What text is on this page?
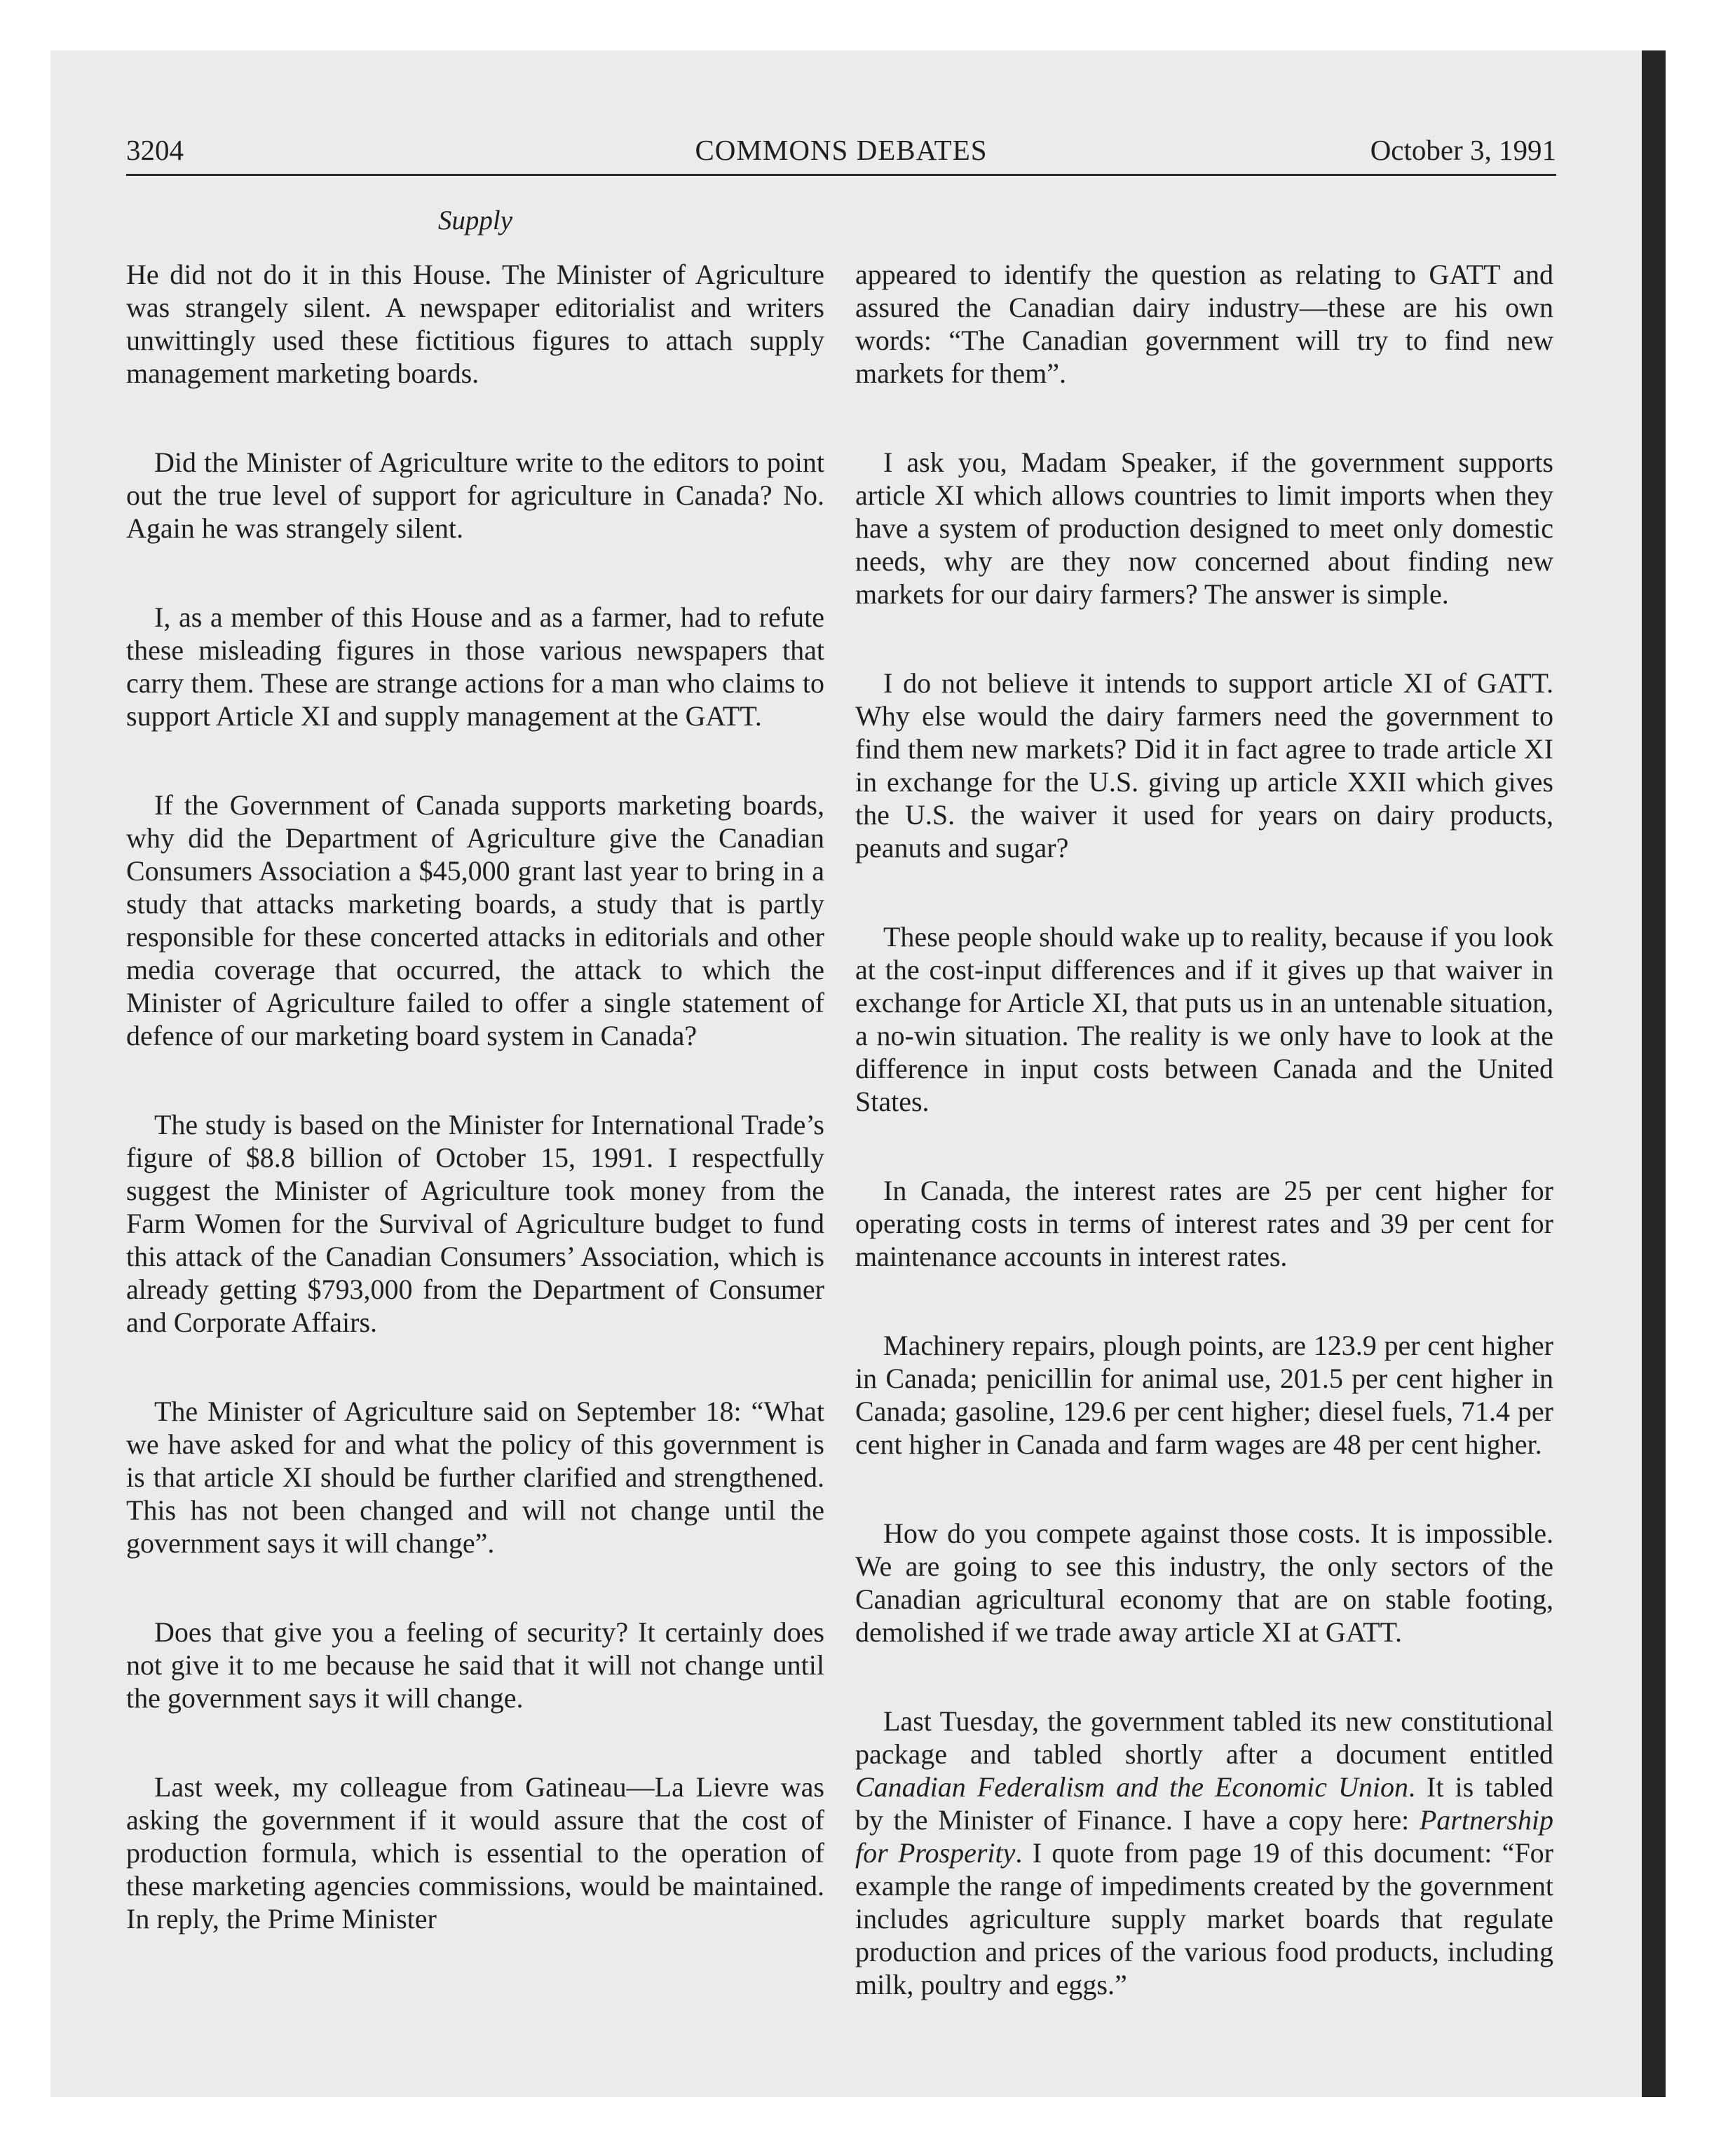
3204	COMMONS DEBATES	October 3, 1991
Supply

He did not do it in this House. The Minister of Agriculture was strangely silent. A newspaper editorialist and writers unwittingly used these fictitious figures to attach supply management marketing boards.

Did the Minister of Agriculture write to the editors to point out the true level of support for agriculture in Canada? No. Again he was strangely silent.

I, as a member of this House and as a farmer, had to refute these misleading figures in those various newspapers that carry them. These are strange actions for a man who claims to support Article XI and supply management at the GATT.

If the Government of Canada supports marketing boards, why did the Department of Agriculture give the Canadian Consumers Association a $45,000 grant last year to bring in a study that attacks marketing boards, a study that is partly responsible for these concerted attacks in editorials and other media coverage that occurred, the attack to which the Minister of Agriculture failed to offer a single statement of defence of our marketing board system in Canada?

The study is based on the Minister for International Trade’s figure of $8.8 billion of October 15, 1991. I respectfully suggest the Minister of Agriculture took money from the Farm Women for the Survival of Agriculture budget to fund this attack of the Canadian Consumers’ Association, which is already getting $793,000 from the Department of Consumer and Corporate Affairs.

The Minister of Agriculture said on September 18: “What we have asked for and what the policy of this government is is that article XI should be further clarified and strengthened. This has not been changed and will not change until the government says it will change”.

Does that give you a feeling of security? It certainly does not give it to me because he said that it will not change until the government says it will change.

Last week, my colleague from Gatineau—La Lievre was asking the government if it would assure that the cost of production formula, which is essential to the operation of these marketing agencies commissions, would be maintained. In reply, the Prime Minister

appeared to identify the question as relating to GATT and assured the Canadian dairy industry—these are his own words: “The Canadian government will try to find new markets for them”.

I ask you, Madam Speaker, if the government supports article XI which allows countries to limit imports when they have a system of production designed to meet only domestic needs, why are they now concerned about finding new markets for our dairy farmers? The answer is simple.

I do not believe it intends to support article XI of GATT. Why else would the dairy farmers need the government to find them new markets? Did it in fact agree to trade article XI in exchange for the U.S. giving up article XXII which gives the U.S. the waiver it used for years on dairy products, peanuts and sugar?

These people should wake up to reality, because if you look at the cost-input differences and if it gives up that waiver in exchange for Article XI, that puts us in an untenable situation, a no-win situation. The reality is we only have to look at the difference in input costs between Canada and the United States.

In Canada, the interest rates are 25 per cent higher for operating costs in terms of interest rates and 39 per cent for maintenance accounts in interest rates.

Machinery repairs, plough points, are 123.9 per cent higher in Canada; penicillin for animal use, 201.5 per cent higher in Canada; gasoline, 129.6 per cent higher; diesel fuels, 71.4 per cent higher in Canada and farm wages are 48 per cent higher.

How do you compete against those costs. It is impossible. We are going to see this industry, the only sectors of the Canadian agricultural economy that are on stable footing, demolished if we trade away article XI at GATT.

Last Tuesday, the government tabled its new constitutional package and tabled shortly after a document entitled Canadian Federalism and the Economic Union. It is tabled by the Minister of Finance. I have a copy here: Partnership for Prosperity. I quote from page 19 of this document: “For example the range of impediments created by the government includes agriculture supply market boards that regulate production and prices of the various food products, including milk, poultry and eggs.”
